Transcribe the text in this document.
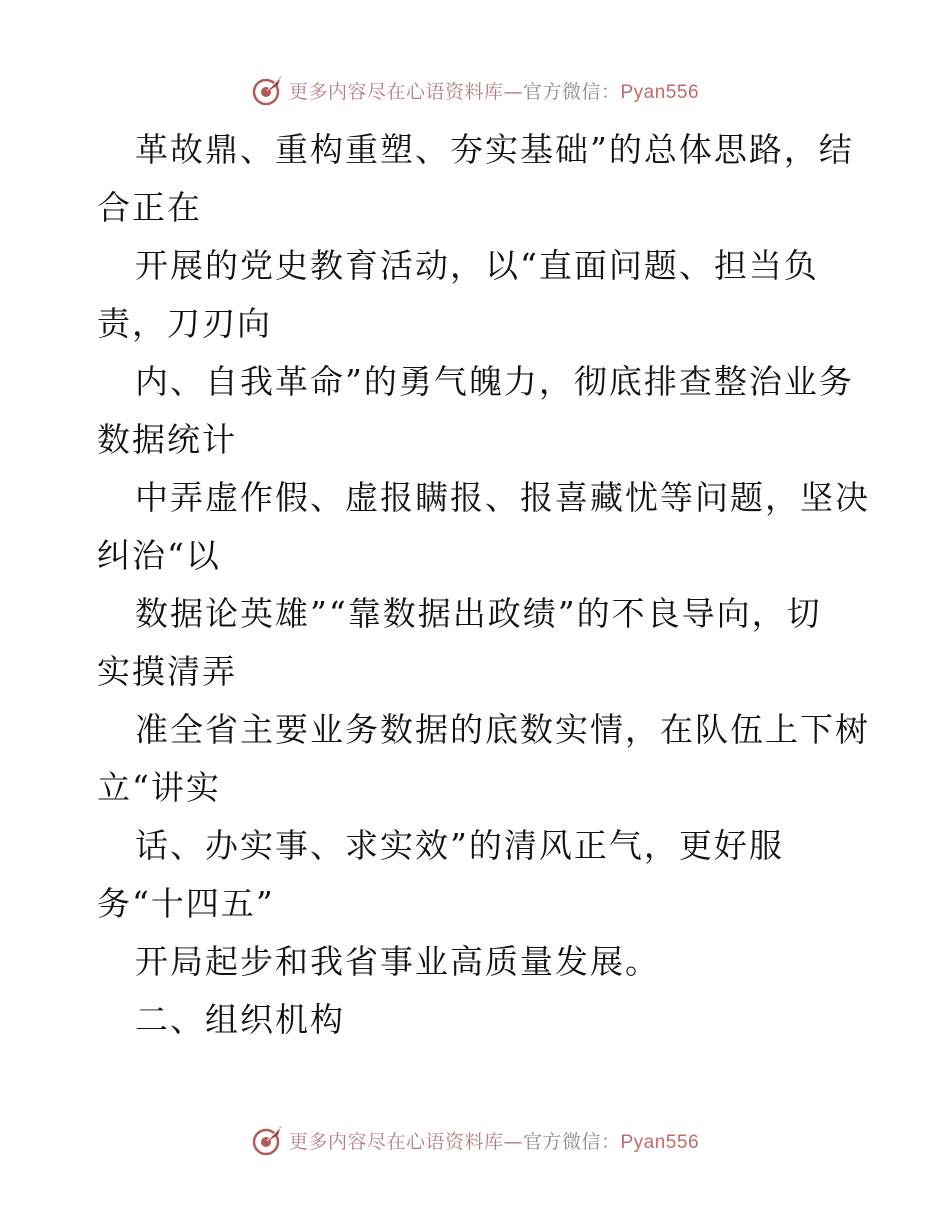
更多内容尽在心语资料库—官方微信：Pyan556
革故鼎、重构重塑、夯实基础”的总体思路，结
合正在
开展的党史教育活动，以“直面问题、担当负
责，刀刃向
内、自我革命”的勇气魄力，彻底排查整治业务
数据统计
中弄虚作假、虚报瞒报、报喜藏忧等问题，坚决
纠治“以
数据论英雄”“靠数据出政绩”的不良导向，切
实摸清弄
准全省主要业务数据的底数实情，在队伍上下树
立“讲实
话、办实事、求实效”的清风正气，更好服
务“十四五”
开局起步和我省事业高质量发展。
二、组织机构
更多内容尽在心语资料库—官方微信：Pyan556
